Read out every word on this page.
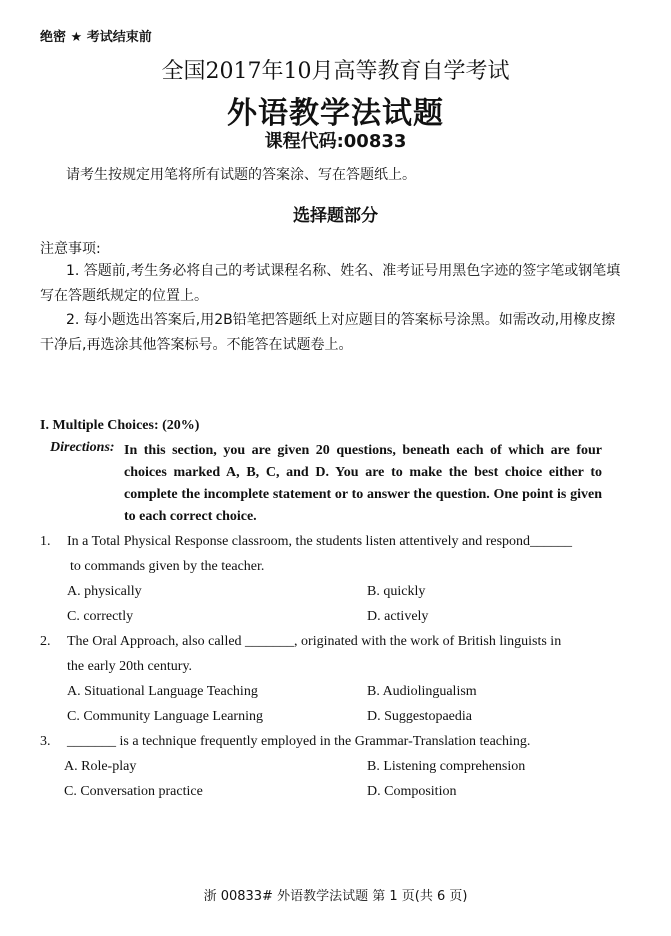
绝密 ★ 考试结束前
全国2017年10月高等教育自学考试
外语教学法试题
课程代码:00833
请考生按规定用笔将所有试题的答案涂、写在答题纸上。
选择题部分
注意事项:
1. 答题前,考生务必将自己的考试课程名称、姓名、准考证号用黑色字迹的签字笔或钢笔填写在答题纸规定的位置上。
2. 每小题选出答案后,用2B铅笔把答题纸上对应题目的答案标号涂黑。如需改动,用橡皮擦干净后,再选涂其他答案标号。不能答在试题卷上。
I. Multiple Choices: (20%)
Directions: In this section, you are given 20 questions, beneath each of which are four choices marked A, B, C, and D. You are to make the best choice either to complete the incomplete statement or to answer the question. One point is given to each correct choice.
1. In a Total Physical Response classroom, the students listen attentively and respond______
to commands given by the teacher.
A. physically	B. quickly
C. correctly	D. actively
2. The Oral Approach, also called _______, originated with the work of British linguists in
the early 20th century.
A. Situational Language Teaching	B. Audiolingualism
C. Community Language Learning	D. Suggestopaedia
3. _______ is a technique frequently employed in the Grammar-Translation teaching.
A. Role-play	B. Listening comprehension
C. Conversation practice	D. Composition
浙 00833# 外语教学法试题 第 1 页(共 6 页)
